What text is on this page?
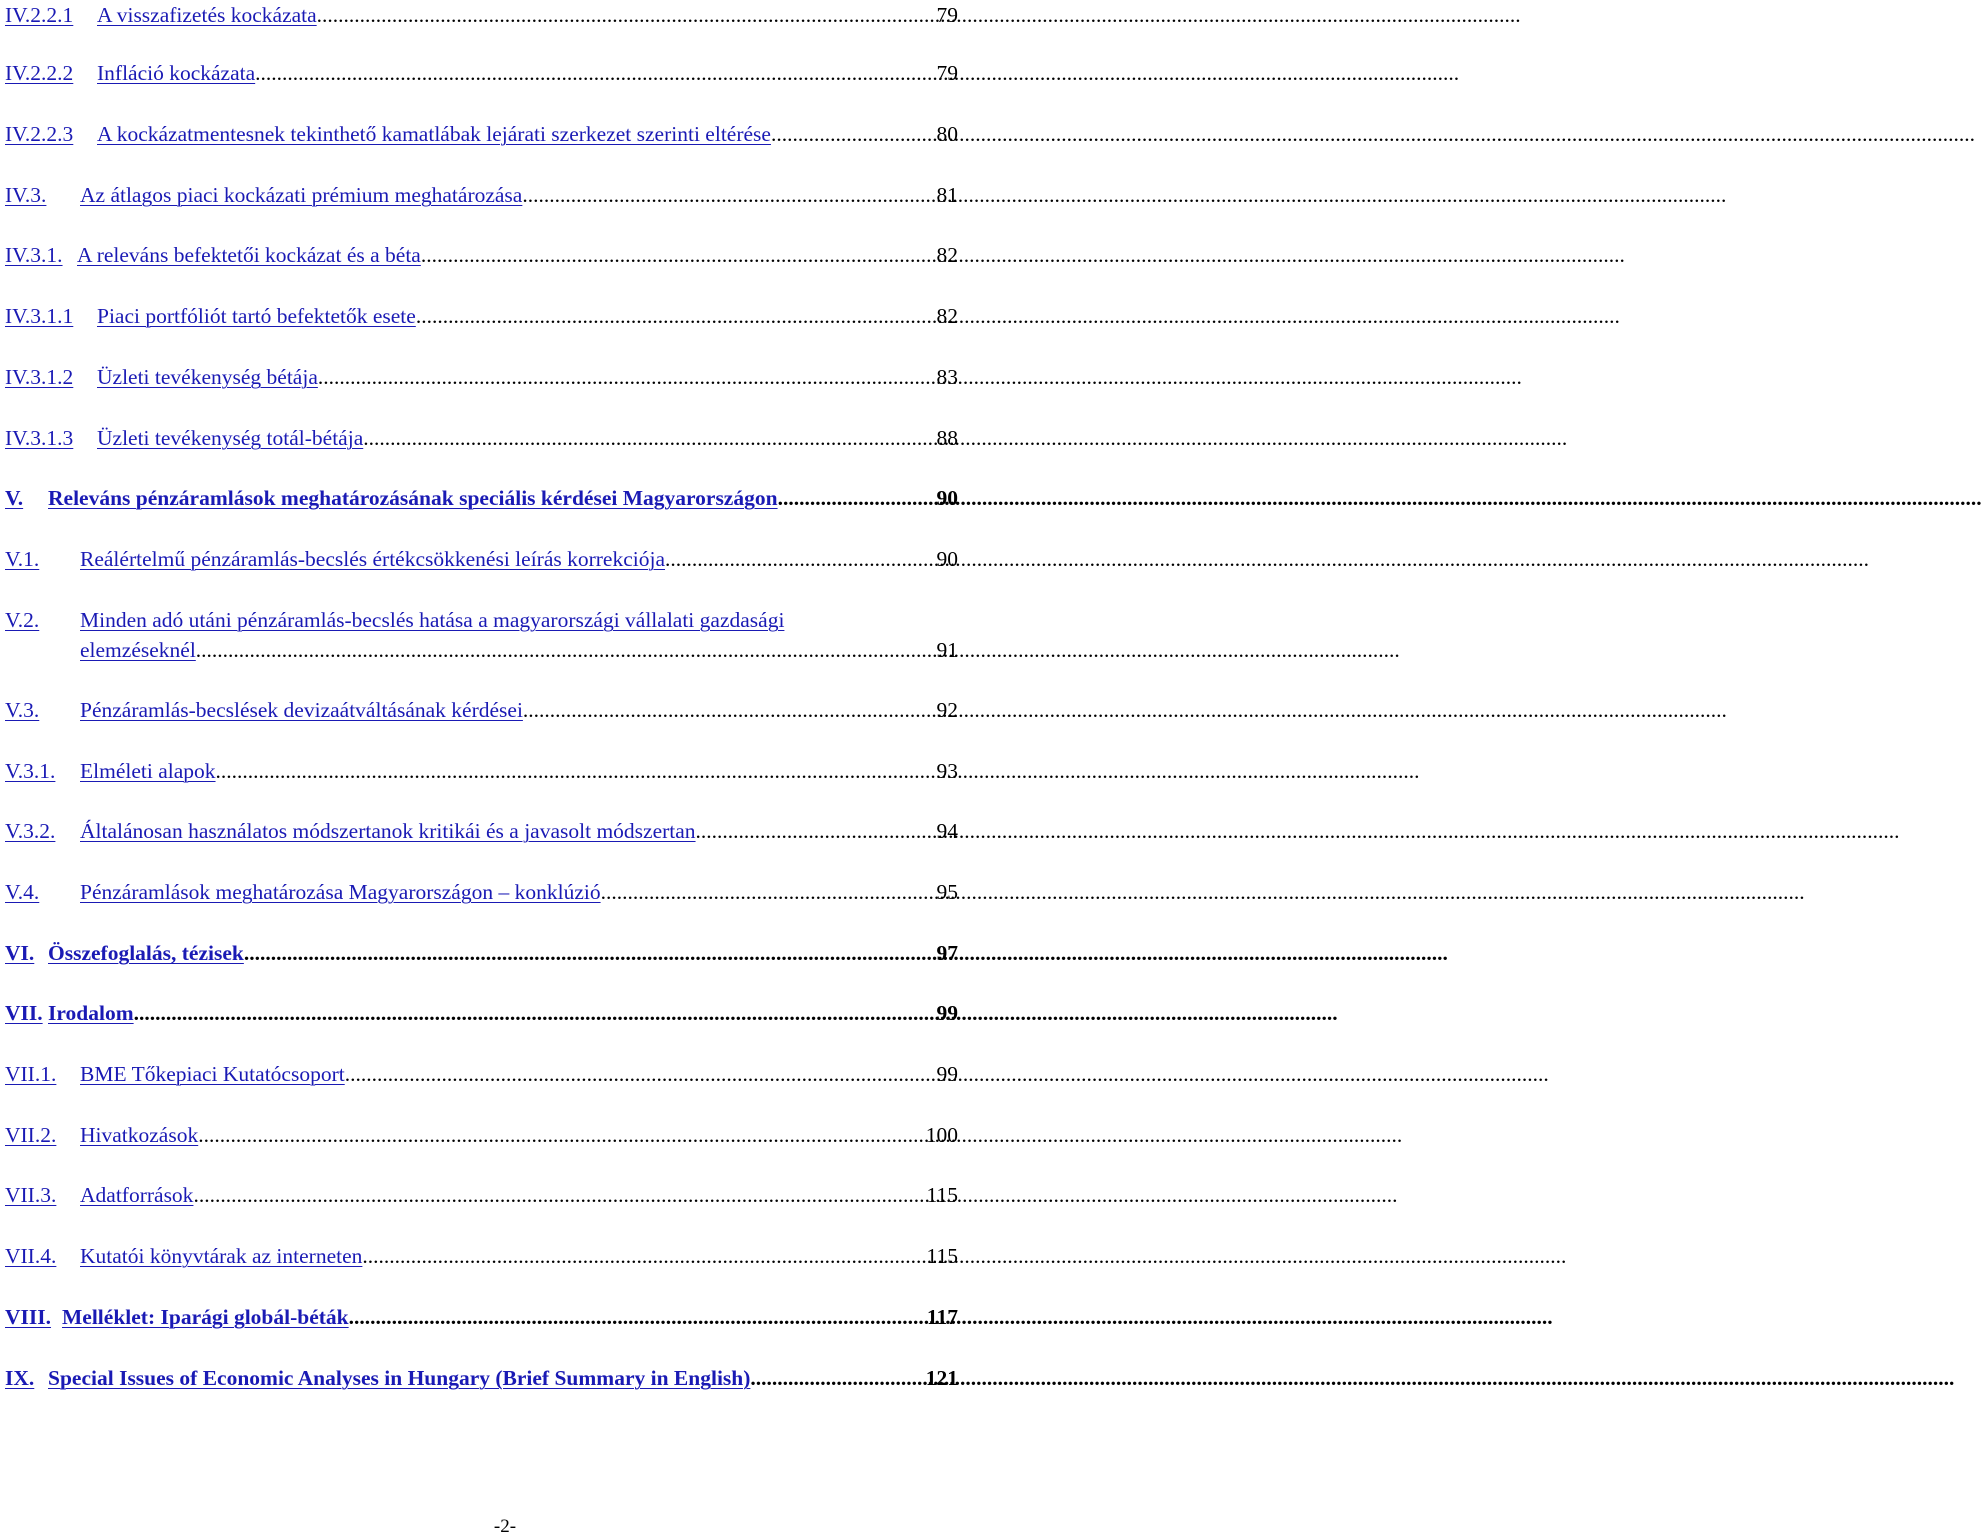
IV.2.2.1	A visszafizetés kockázata .....	79
IV.2.2.2	Infláció kockázata .....	79
IV.2.2.3	A kockázatmentesnek tekinthető kamatlábak lejárati szerkezet szerinti eltérése .....	80
IV.3.	Az átlagos piaci kockázati prémium meghatározása .....	81
IV.3.1. A releváns befektetői kockázat és a béta .....	82
IV.3.1.1	Piaci portfóliót tartó befektetők esete .....	82
IV.3.1.2	Üzleti tevékenység bétája .....	83
IV.3.1.3	Üzleti tevékenység totál-bétája .....	88
V.	Releváns pénzáramlások meghatározásának speciális kérdései Magyarországon .....	90
V.1.	Reálértelmű pénzáramlás-becslés értékcsökkenési leírás korrekciója .....	90
V.2.	Minden adó utáni pénzáramlás-becslés hatása a magyarországi vállalati gazdasági
elemzéseknél .....	91
V.3.	Pénzáramlás-becslések devizaátváltásának kérdései .....	92
V.3.1.	Elméleti alapok .....	93
V.3.2.	Általánosan használatos módszertanok kritikái és a javasolt módszertan .....	94
V.4.	Pénzáramlások meghatározása Magyarországon – konklúzió .....	95
VI. Összefoglalás, tézisek .....	97
VII. Irodalom .....	99
VII.1.	BME Tőkepiaci Kutatócsoport .....	99
VII.2.	Hivatkozások .....	100
VII.3.	Adatforrások .....	115
VII.4.	Kutatói könyvtárak az interneten .....	115
VIII. Melléklet: Iparági globál-béták .....	117
IX. Special Issues of Economic Analyses in Hungary (Brief Summary in English) .....	121
-2-
